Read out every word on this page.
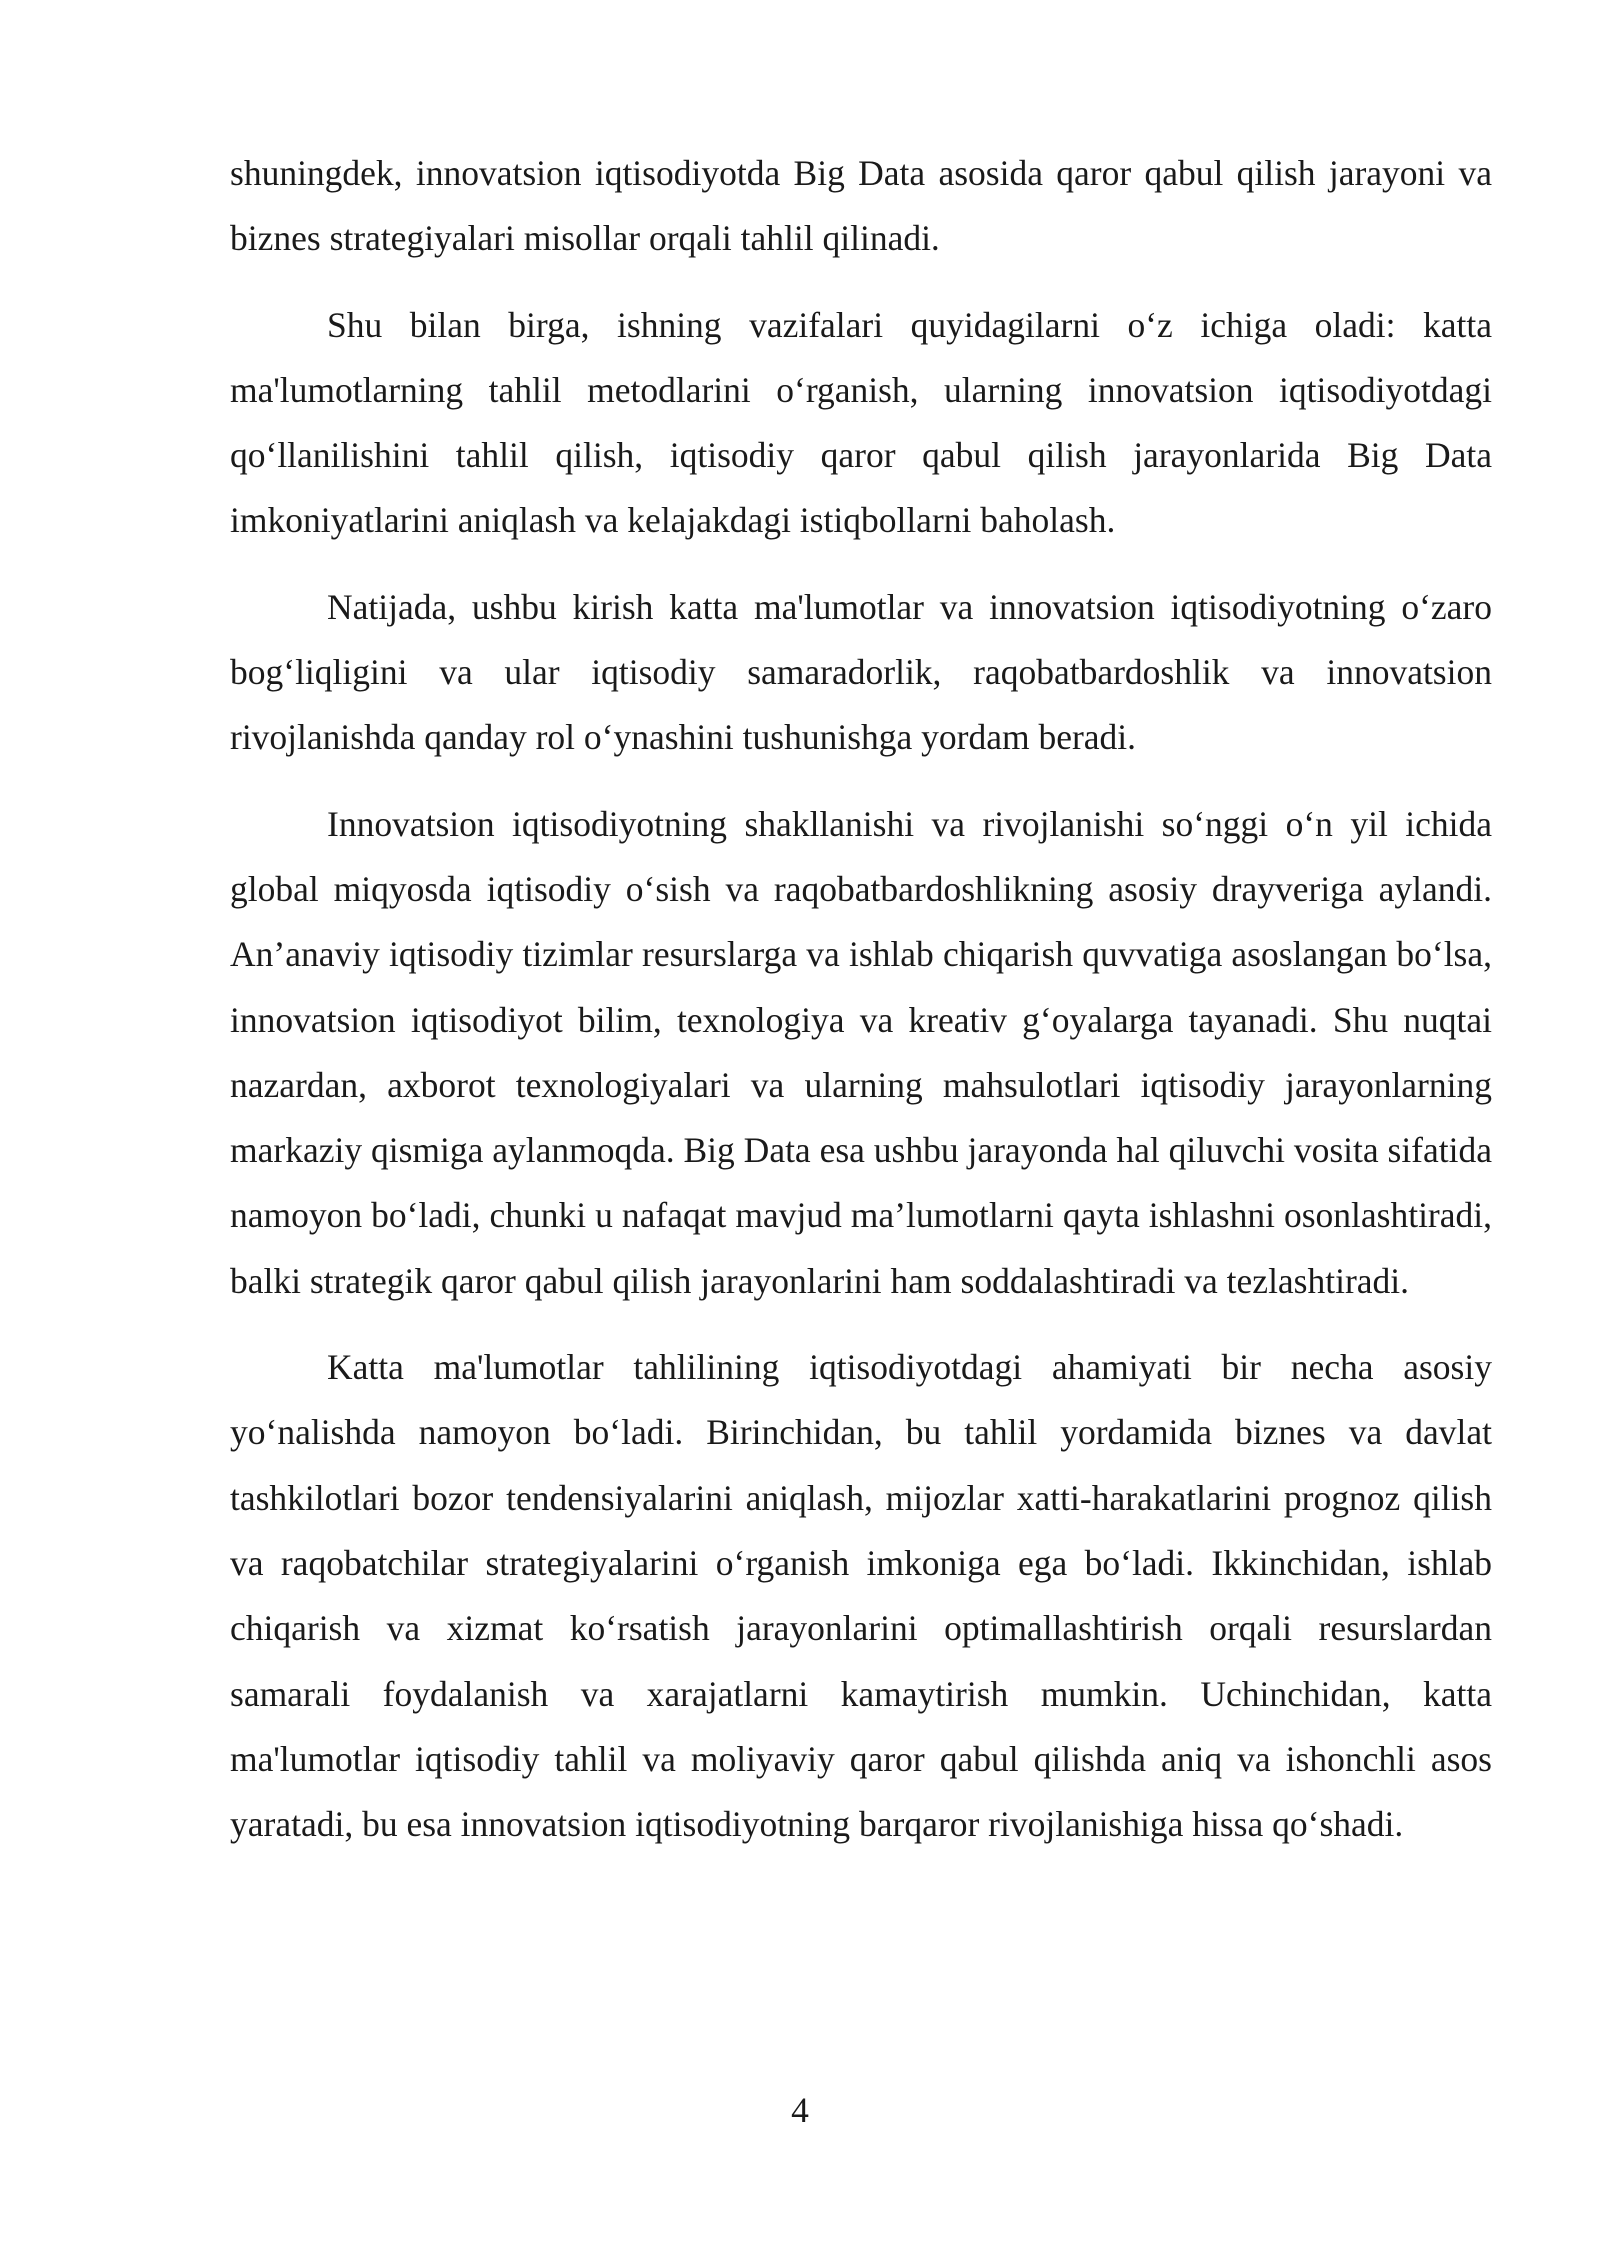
shuningdek, innovatsion iqtisodiyotda Big Data asosida qaror qabul qilish jarayoni va biznes strategiyalari misollar orqali tahlil qilinadi.

Shu bilan birga, ishning vazifalari quyidagilarni o‘z ichiga oladi: katta ma'lumotlarning tahlil metodlarini o‘rganish, ularning innovatsion iqtisodiyotdagi qo‘llanilishini tahlil qilish, iqtisodiy qaror qabul qilish jarayonlarida Big Data imkoniyatlarini aniqlash va kelajakdagi istiqbollarni baholash.

Natijada, ushbu kirish katta ma'lumotlar va innovatsion iqtisodiyotning o‘zaro bog‘liqligini va ular iqtisodiy samaradorlik, raqobatbardoshlik va innovatsion rivojlanishda qanday rol o‘ynashini tushunishga yordam beradi.

Innovatsion iqtisodiyotning shakllanishi va rivojlanishi so‘nggi o‘n yil ichida global miqyosda iqtisodiy o‘sish va raqobatbardoshlikning asosiy drayveriga aylandi. An’anaviy iqtisodiy tizimlar resurslarga va ishlab chiqarish quvvatiga asoslangan bo‘lsa, innovatsion iqtisodiyot bilim, texnologiya va kreativ g‘oyalarga tayanadi. Shu nuqtai nazardan, axborot texnologiyalari va ularning mahsulotlari iqtisodiy jarayonlarning markaziy qismiga aylanmoqda. Big Data esa ushbu jarayonda hal qiluvchi vosita sifatida namoyon bo‘ladi, chunki u nafaqat mavjud ma’lumotlarni qayta ishlashni osonlashtiradi, balki strategik qaror qabul qilish jarayonlarini ham soddalashtiradi va tezlashtiradi.

Katta ma'lumotlar tahlilining iqtisodiyotdagi ahamiyati bir necha asosiy yo‘nalishda namoyon bo‘ladi. Birinchidan, bu tahlil yordamida biznes va davlat tashkilotlari bozor tendensiyalarini aniqlash, mijozlar xatti-harakatlarini prognoz qilish va raqobatchilar strategiyalarini o‘rganish imkoniga ega bo‘ladi. Ikkinchidan, ishlab chiqarish va xizmat ko‘rsatish jarayonlarini optimallashtirish orqali resurslardan samarali foydalanish va xarajatlarni kamaytirish mumkin. Uchinchidan, katta ma'lumotlar iqtisodiy tahlil va moliyaviy qaror qabul qilishda aniq va ishonchli asos yaratadi, bu esa innovatsion iqtisodiyotning barqaror rivojlanishiga hissa qo‘shadi.

4
